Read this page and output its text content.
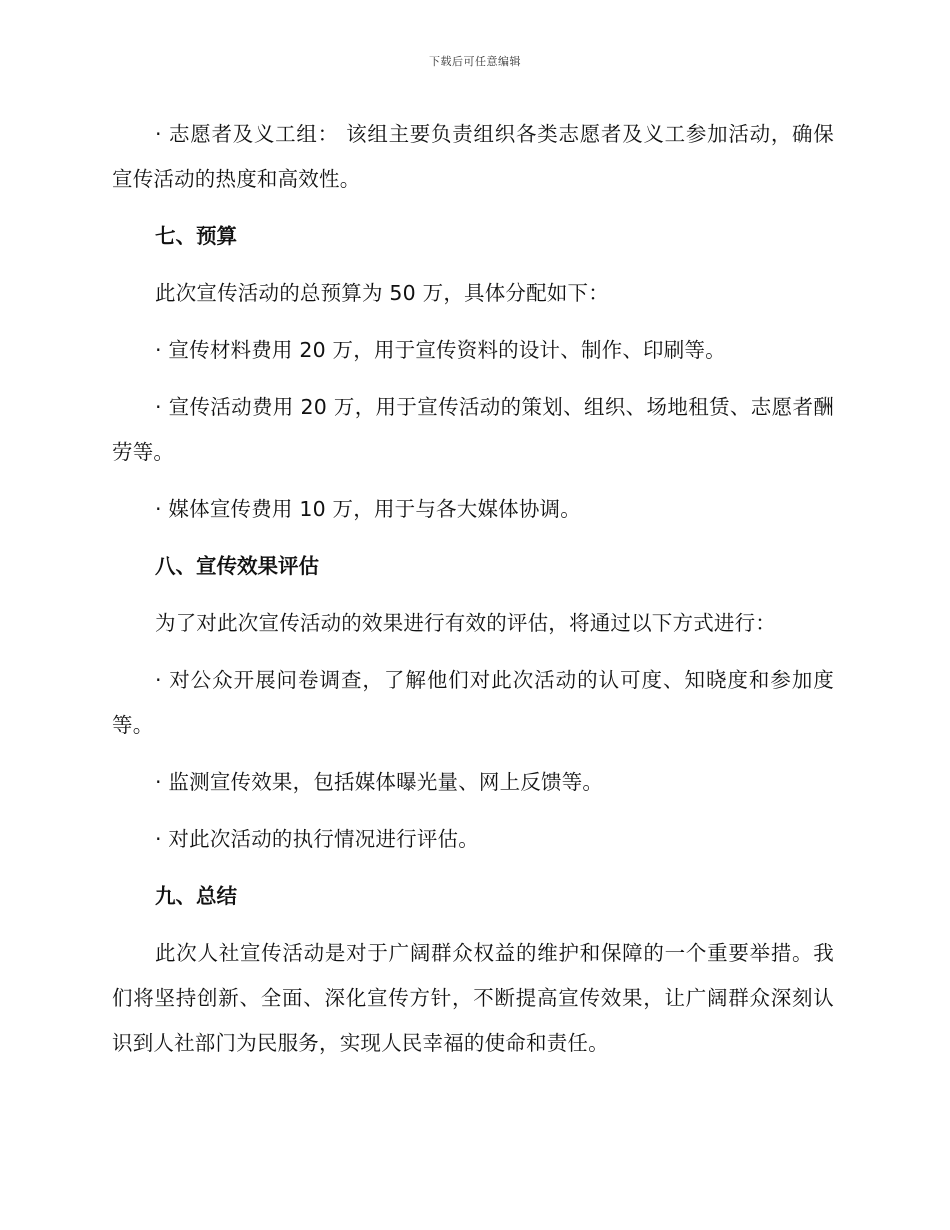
下载后可任意编辑

· 志愿者及义工组： 该组主要负责组织各类志愿者及义工参加活动，确保宣传活动的热度和高效性。

七、预算

此次宣传活动的总预算为 50 万，具体分配如下：

· 宣传材料费用 20 万，用于宣传资料的设计、制作、印刷等。

· 宣传活动费用 20 万，用于宣传活动的策划、组织、场地租赁、志愿者酬劳等。

· 媒体宣传费用 10 万，用于与各大媒体协调。

八、宣传效果评估

为了对此次宣传活动的效果进行有效的评估，将通过以下方式进行：

· 对公众开展问卷调查，了解他们对此次活动的认可度、知晓度和参加度等。

· 监测宣传效果，包括媒体曝光量、网上反馈等。

· 对此次活动的执行情况进行评估。

九、总结

此次人社宣传活动是对于广阔群众权益的维护和保障的一个重要举措。我们将坚持创新、全面、深化宣传方针，不断提高宣传效果，让广阔群众深刻认识到人社部门为民服务，实现人民幸福的使命和责任。
